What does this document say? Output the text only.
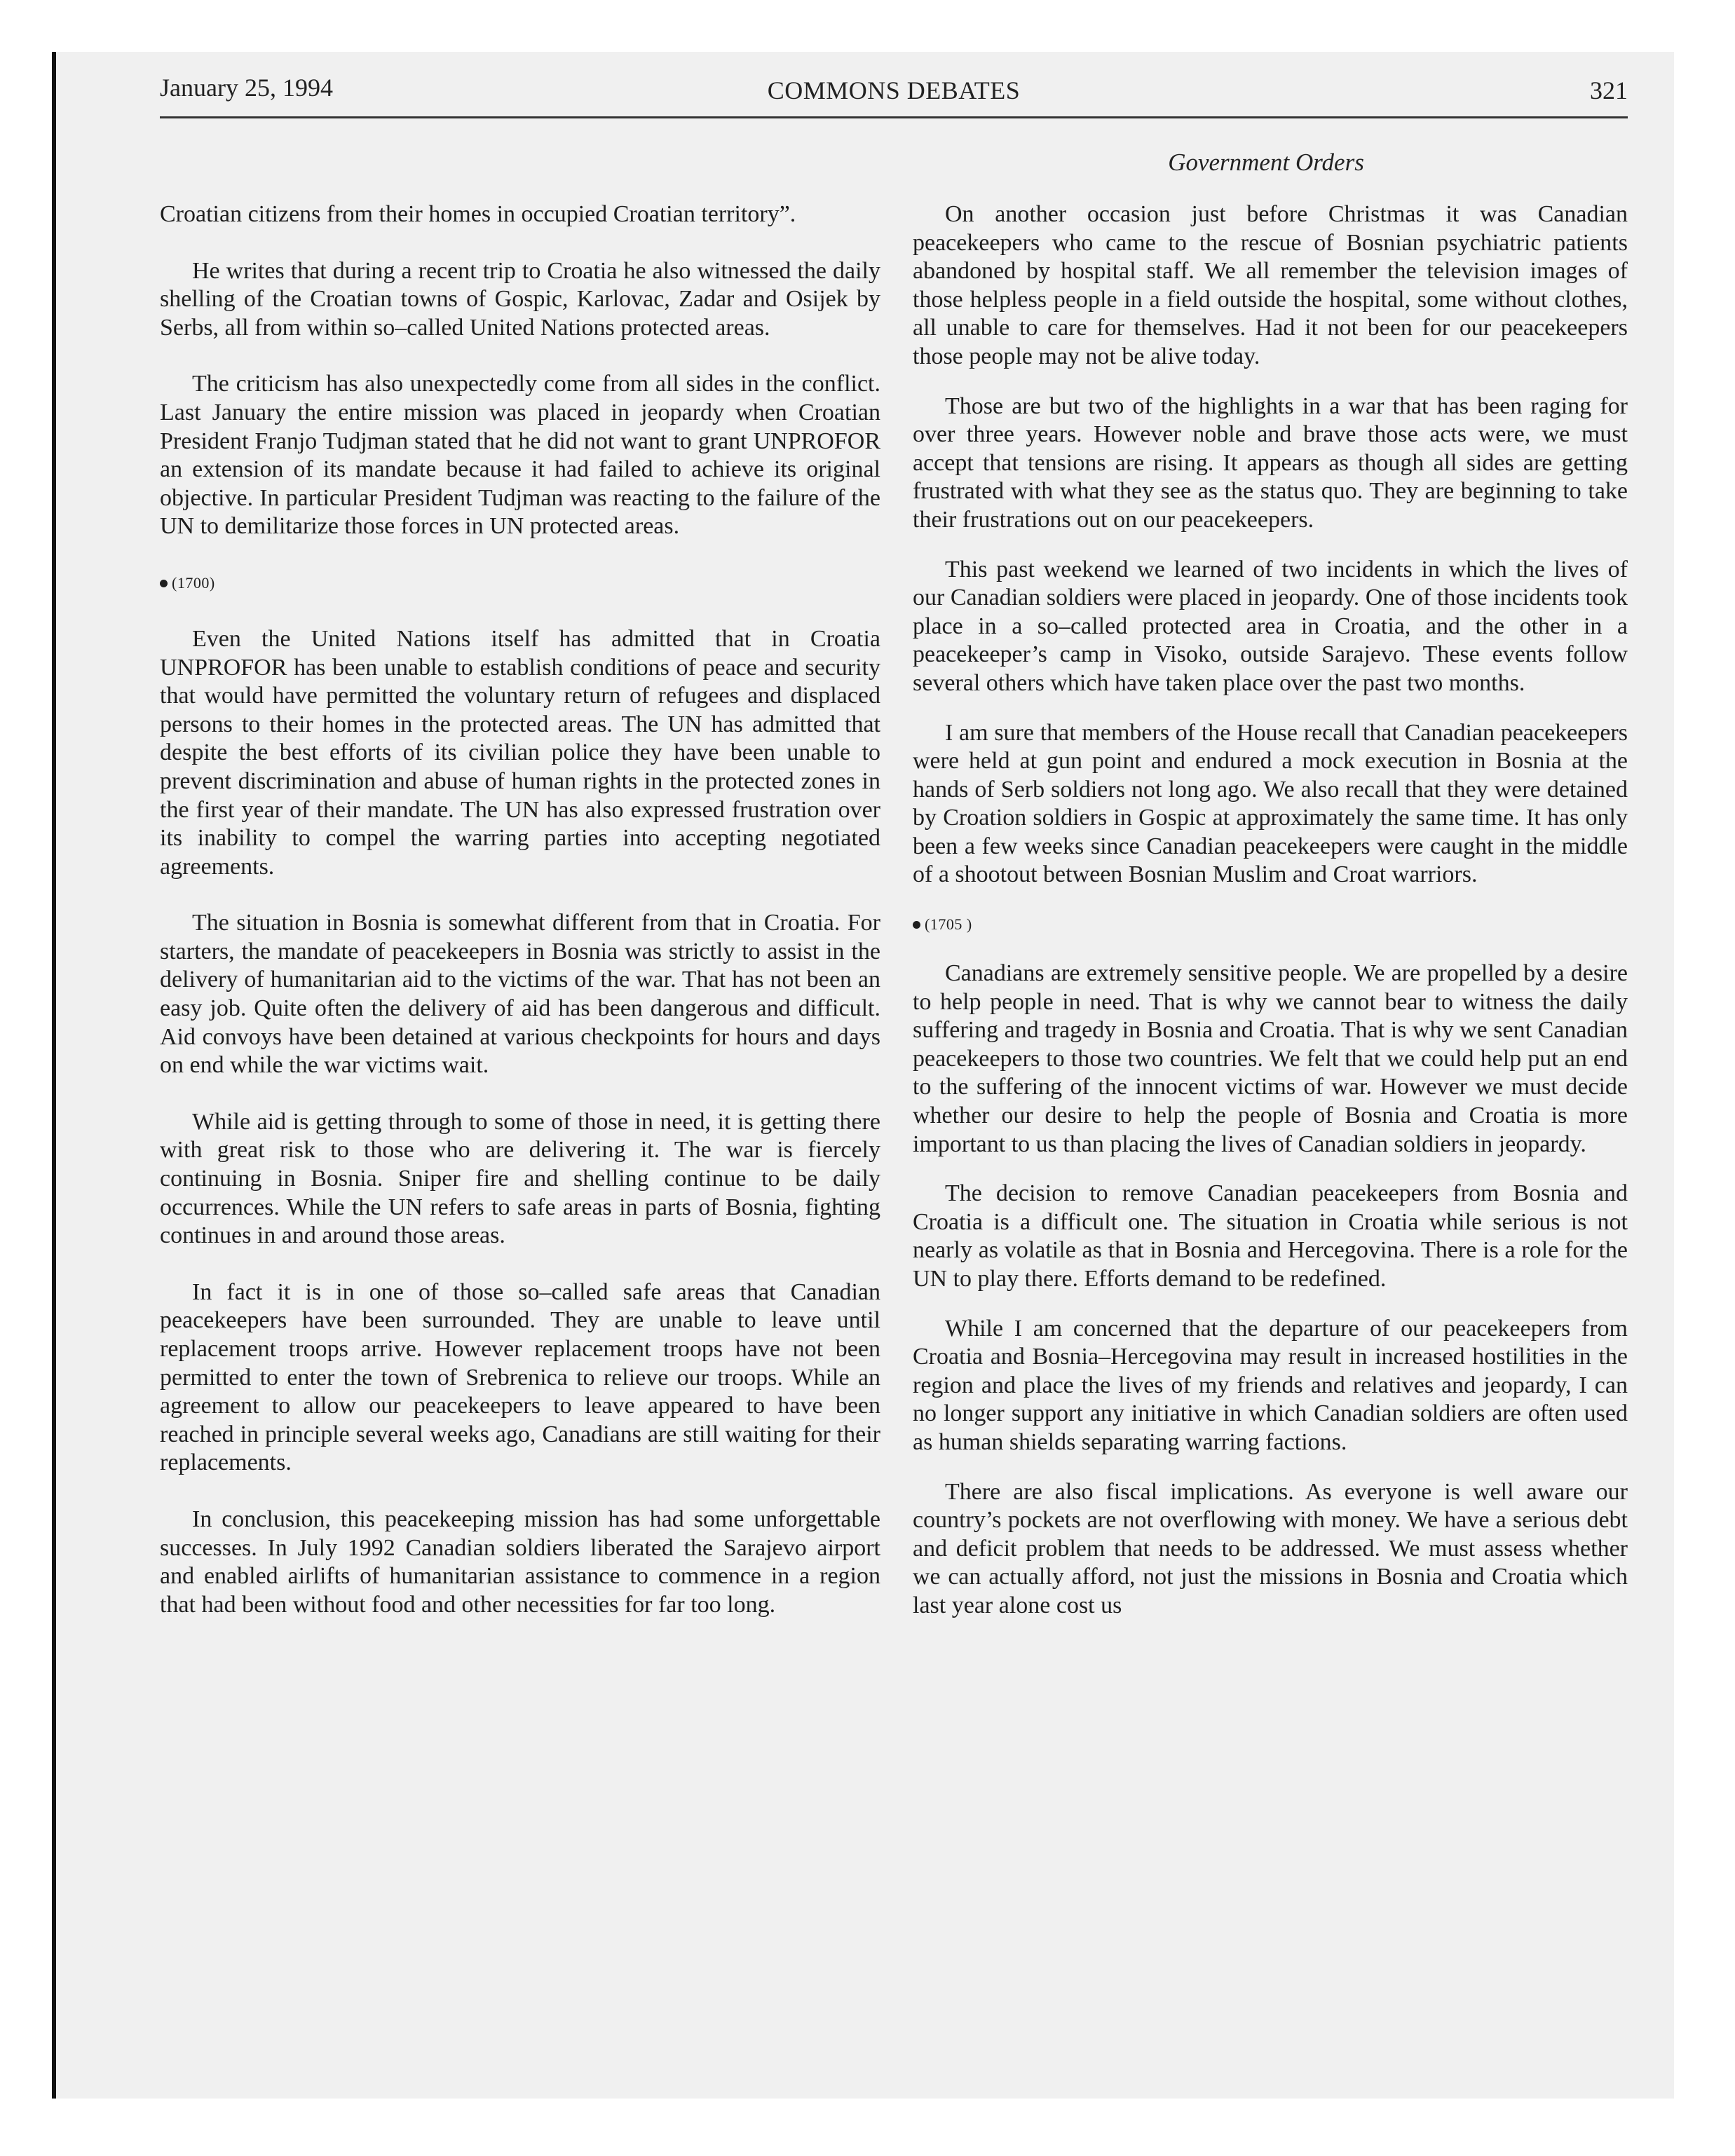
January 25, 1994	COMMONS DEBATES	321
Government Orders

Croatian citizens from their homes in occupied Croatian territory”.

He writes that during a recent trip to Croatia he also witnessed the daily shelling of the Croatian towns of Gospic, Karlovac, Zadar and Osijek by Serbs, all from within so–called United Nations protected areas.

The criticism has also unexpectedly come from all sides in the conflict. Last January the entire mission was placed in jeopardy when Croatian President Franjo Tudjman stated that he did not want to grant UNPROFOR an extension of its mandate because it had failed to achieve its original objective. In particular President Tudjman was reacting to the failure of the UN to demilitarize those forces in UN protected areas.

(1700)

Even the United Nations itself has admitted that in Croatia UNPROFOR has been unable to establish conditions of peace and security that would have permitted the voluntary return of refugees and displaced persons to their homes in the protected areas. The UN has admitted that despite the best efforts of its civilian police they have been unable to prevent discrimination and abuse of human rights in the protected zones in the first year of their mandate. The UN has also expressed frustration over its inability to compel the warring parties into accepting negotiated agreements.

The situation in Bosnia is somewhat different from that in Croatia. For starters, the mandate of peacekeepers in Bosnia was strictly to assist in the delivery of humanitarian aid to the victims of the war. That has not been an easy job. Quite often the delivery of aid has been dangerous and difficult. Aid convoys have been detained at various checkpoints for hours and days on end while the war victims wait.

While aid is getting through to some of those in need, it is getting there with great risk to those who are delivering it. The war is fiercely continuing in Bosnia. Sniper fire and shelling continue to be daily occurrences. While the UN refers to safe areas in parts of Bosnia, fighting continues in and around those areas.

In fact it is in one of those so–called safe areas that Canadian peacekeepers have been surrounded. They are unable to leave until replacement troops arrive. However replacement troops have not been permitted to enter the town of Srebrenica to relieve our troops. While an agreement to allow our peacekeepers to leave appeared to have been reached in principle several weeks ago, Canadians are still waiting for their replacements.

In conclusion, this peacekeeping mission has had some unforgettable successes. In July 1992 Canadian soldiers liberated the Sarajevo airport and enabled airlifts of humanitarian assistance to commence in a region that had been without food and other necessities for far too long.

On another occasion just before Christmas it was Canadian peacekeepers who came to the rescue of Bosnian psychiatric patients abandoned by hospital staff. We all remember the television images of those helpless people in a field outside the hospital, some without clothes, all unable to care for themselves. Had it not been for our peacekeepers those people may not be alive today.

Those are but two of the highlights in a war that has been raging for over three years. However noble and brave those acts were, we must accept that tensions are rising. It appears as though all sides are getting frustrated with what they see as the status quo. They are beginning to take their frustrations out on our peacekeepers.

This past weekend we learned of two incidents in which the lives of our Canadian soldiers were placed in jeopardy. One of those incidents took place in a so–called protected area in Croatia, and the other in a peacekeeper’s camp in Visoko, outside Sarajevo. These events follow several others which have taken place over the past two months.

I am sure that members of the House recall that Canadian peacekeepers were held at gun point and endured a mock execution in Bosnia at the hands of Serb soldiers not long ago. We also recall that they were detained by Croation soldiers in Gospic at approximately the same time. It has only been a few weeks since Canadian peacekeepers were caught in the middle of a shootout between Bosnian Muslim and Croat warriors.

(1705 )

Canadians are extremely sensitive people. We are propelled by a desire to help people in need. That is why we cannot bear to witness the daily suffering and tragedy in Bosnia and Croatia. That is why we sent Canadian peacekeepers to those two countries. We felt that we could help put an end to the suffering of the innocent victims of war. However we must decide whether our desire to help the people of Bosnia and Croatia is more important to us than placing the lives of Canadian soldiers in jeopardy.

The decision to remove Canadian peacekeepers from Bosnia and Croatia is a difficult one. The situation in Croatia while serious is not nearly as volatile as that in Bosnia and Hercegovina. There is a role for the UN to play there. Efforts demand to be redefined.

While I am concerned that the departure of our peacekeepers from Croatia and Bosnia–Hercegovina may result in increased hostilities in the region and place the lives of my friends and relatives and jeopardy, I can no longer support any initiative in which Canadian soldiers are often used as human shields separating warring factions.

There are also fiscal implications. As everyone is well aware our country’s pockets are not overflowing with money. We have a serious debt and deficit problem that needs to be addressed. We must assess whether we can actually afford, not just the missions in Bosnia and Croatia which last year alone cost us
